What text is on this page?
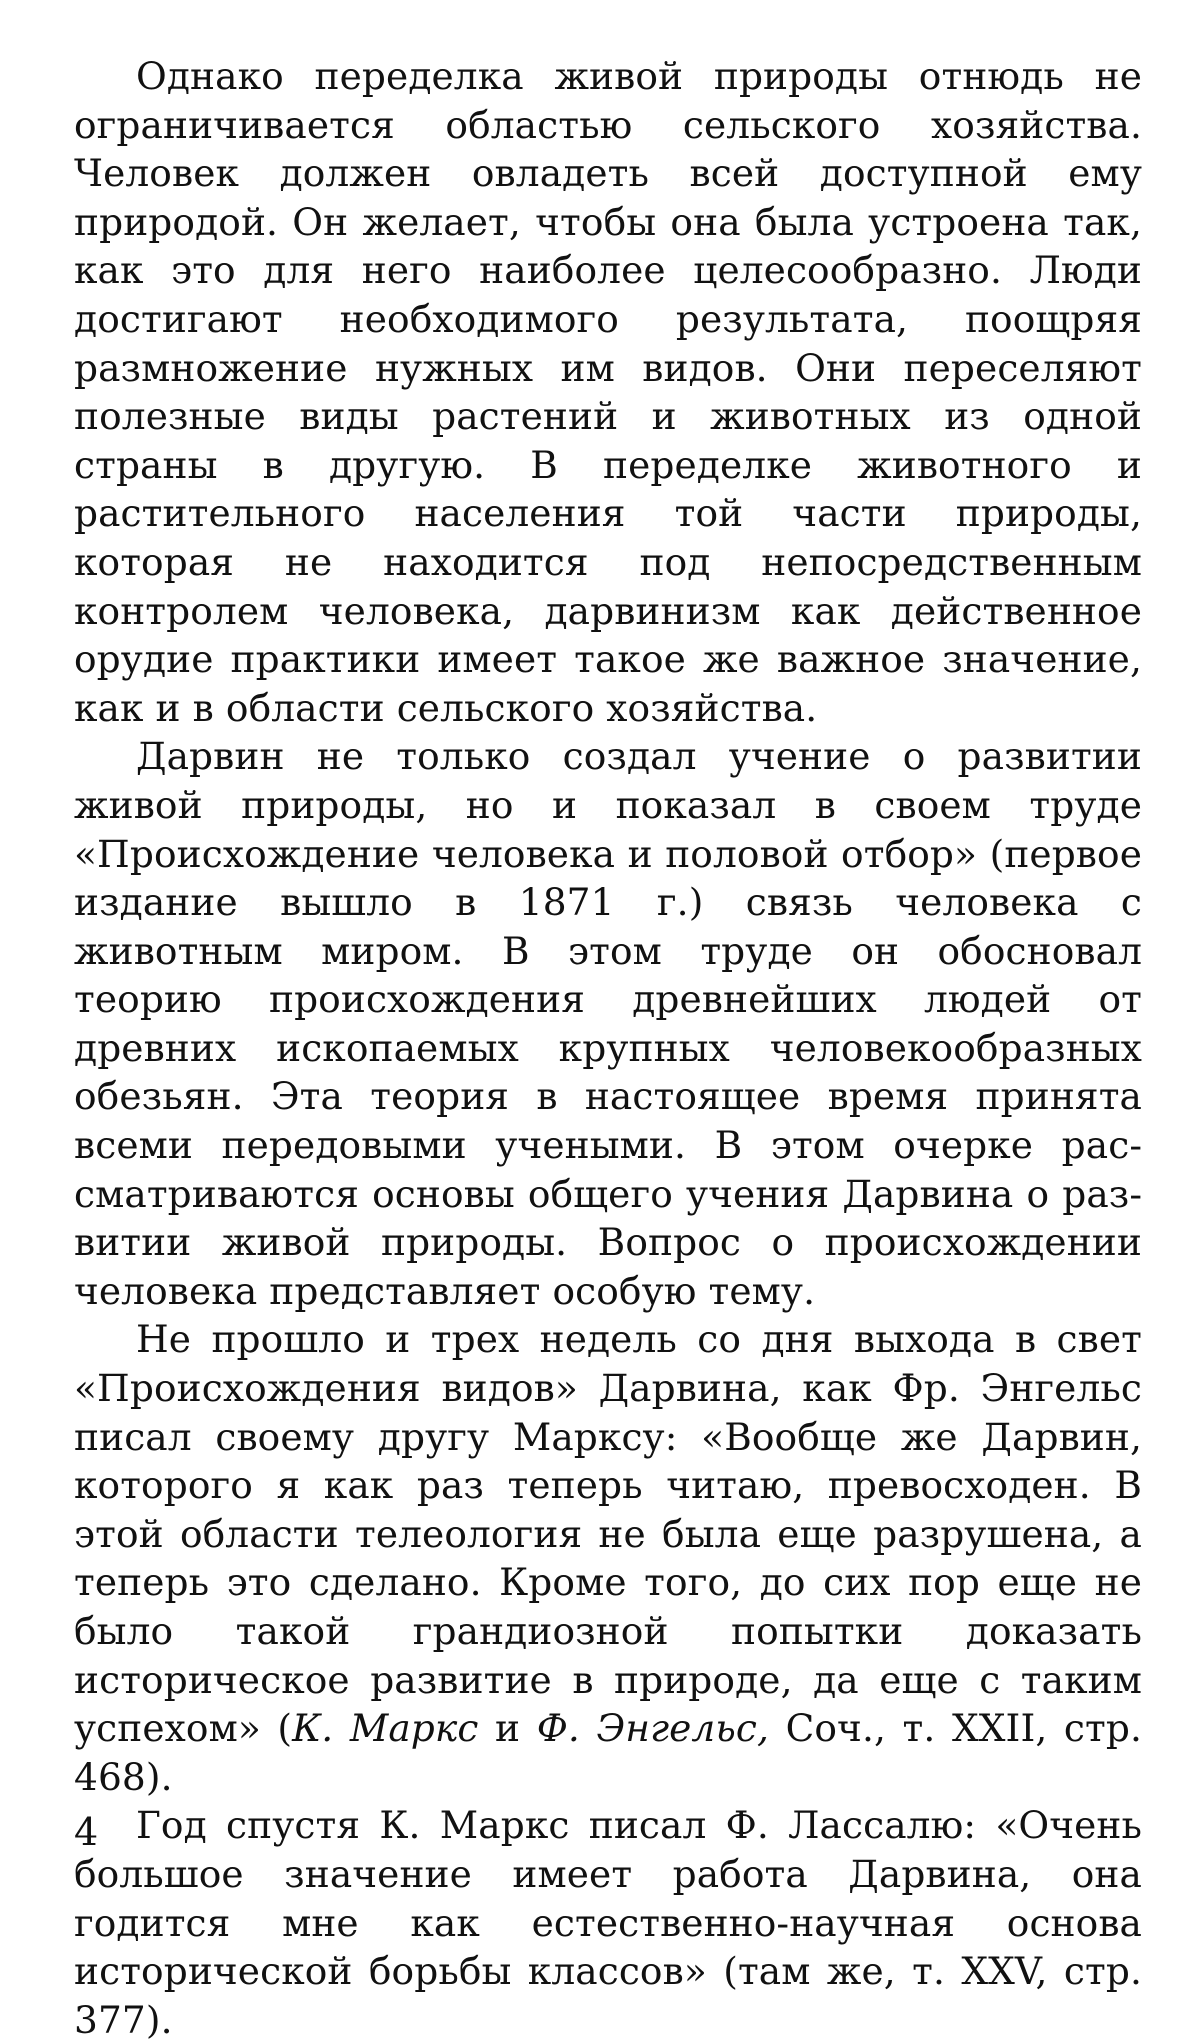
Однако переделка живой природы отнюдь не ограничивается областью сельского хозяйства. Человек должен овладеть всей доступной ему природой. Он желает, чтобы она была устроена так, как это для него наиболее целесообразно. Люди достигают необходимого результата, поощряя размножение нужных им видов. Они переселяют полезные виды растений и животных из одной страны в другую. В переделке животного и растительного населения той части природы, которая не находится под непосредственным контролем человека, дарвинизм как действенное орудие практики имеет такое же важное значение, как и в области сельского хозяйства.

Дарвин не только создал учение о развитии живой природы, но и показал в своем труде «Происхождение человека и половой отбор» (первое издание вышло в 1871 г.) связь человека с животным миром. В этом труде он обосновал теорию происхождения древнейших людей от древних ископаемых крупных человекообразных обезьян. Эта теория в настоящее время принята всеми передовыми учеными. В этом очерке рассматриваются основы общего учения Дарвина о развитии живой природы. Вопрос о происхождении человека представляет особую тему.

Не прошло и трех недель со дня выхода в свет «Происхождения видов» Дарвина, как Фр. Энгельс писал своему другу Марксу: «Вообще же Дарвин, которого я как раз теперь читаю, превосходен. В этой области телеология не была еще разрушена, а теперь это сделано. Кроме того, до сих пор еще не было такой грандиозной попытки доказать историческое развитие в природе, да еще с таким успехом» (К. Маркс и Ф. Энгельс, Соч., т. XXII, стр. 468).

Год спустя К. Маркс писал Ф. Лассалю: «Очень большое значение имеет работа Дарвина, она годится мне как естественно-научная основа исторической борьбы классов» (там же, т. XXV, стр. 377).

4
